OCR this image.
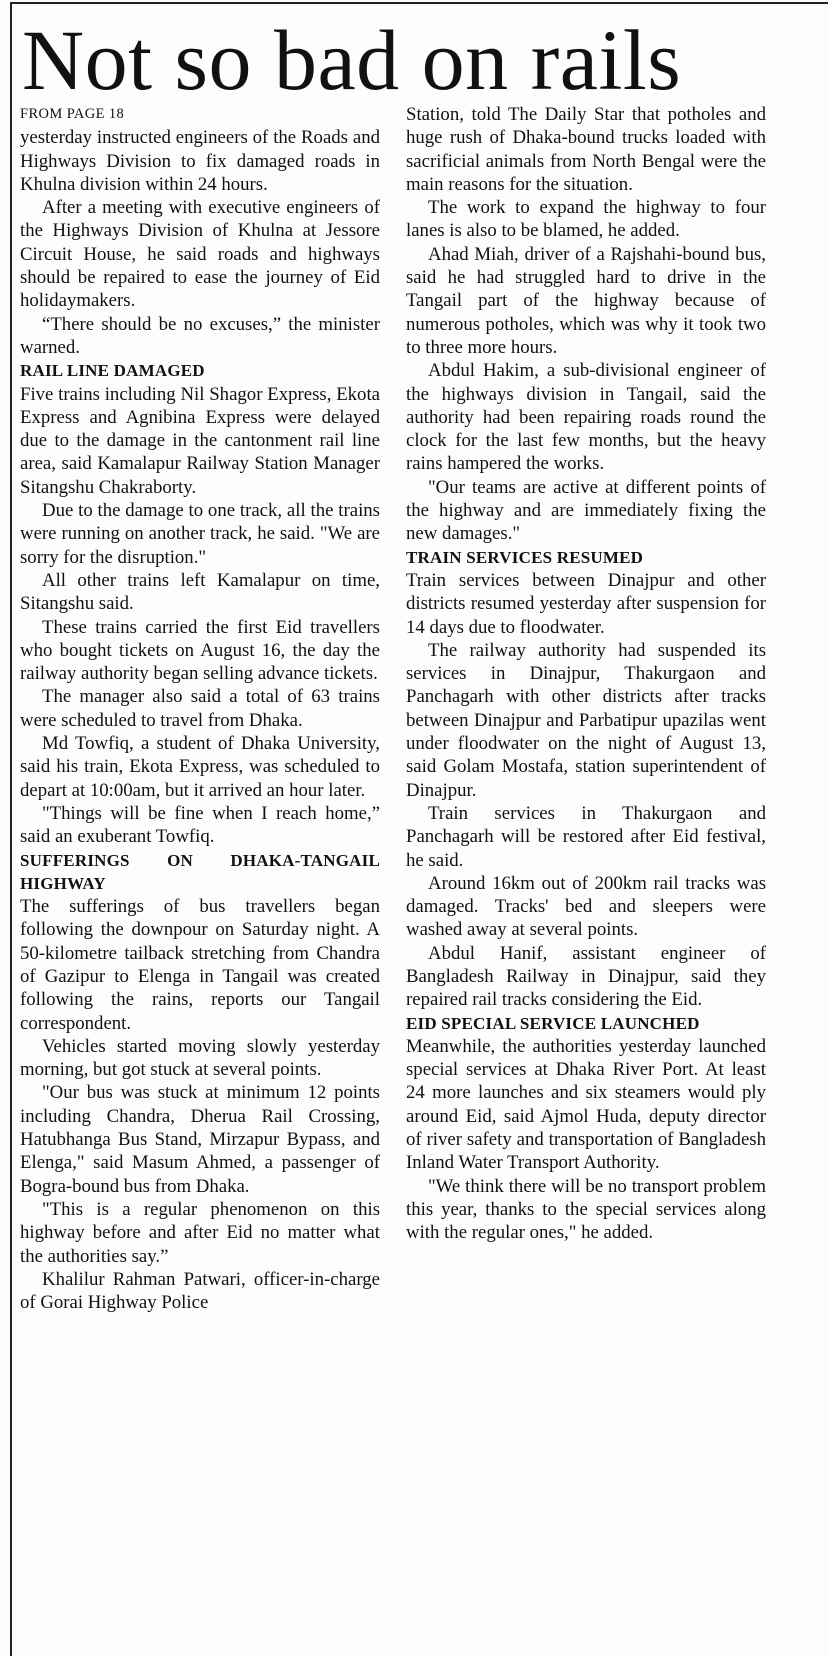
Not so bad on rails

FROM PAGE 18

yesterday instructed engineers of the Roads and Highways Division to fix damaged roads in Khulna division within 24 hours.

After a meeting with executive engineers of the Highways Division of Khulna at Jessore Circuit House, he said roads and highways should be repaired to ease the journey of Eid holidaymakers.

“There should be no excuses,” the minister warned.

RAIL LINE DAMAGED

Five trains including Nil Shagor Express, Ekota Express and Agnibina Express were delayed due to the damage in the cantonment rail line area, said Kamalapur Railway Station Manager Sitangshu Chakraborty.

Due to the damage to one track, all the trains were running on another track, he said. "We are sorry for the disruption."

All other trains left Kamalapur on time, Sitangshu said.

These trains carried the first Eid travellers who bought tickets on August 16, the day the railway authority began selling advance tickets.

The manager also said a total of 63 trains were scheduled to travel from Dhaka.

Md Towfiq, a student of Dhaka University, said his train, Ekota Express, was scheduled to depart at 10:00am, but it arrived an hour later.

"Things will be fine when I reach home,” said an exuberant Towfiq.

SUFFERINGS ON DHAKA-TANGAIL HIGHWAY

The sufferings of bus travellers began following the downpour on Saturday night. A 50-kilometre tailback stretching from Chandra of Gazipur to Elenga in Tangail was created following the rains, reports our Tangail correspondent.

Vehicles started moving slowly yesterday morning, but got stuck at several points.

"Our bus was stuck at minimum 12 points including Chandra, Dherua Rail Crossing, Hatubhanga Bus Stand, Mirzapur Bypass, and Elenga," said Masum Ahmed, a passenger of Bogra-bound bus from Dhaka.

"This is a regular phenomenon on this highway before and after Eid no matter what the authorities say.”

Khalilur Rahman Patwari, officer-in-charge of Gorai Highway Police

Station, told The Daily Star that potholes and huge rush of Dhaka-bound trucks loaded with sacrificial animals from North Bengal were the main reasons for the situation.

The work to expand the highway to four lanes is also to be blamed, he added.

Ahad Miah, driver of a Rajshahi-bound bus, said he had struggled hard to drive in the Tangail part of the highway because of numerous potholes, which was why it took two to three more hours.

Abdul Hakim, a sub-divisional engineer of the highways division in Tangail, said the authority had been repairing roads round the clock for the last few months, but the heavy rains hampered the works.

"Our teams are active at different points of the highway and are immediately fixing the new damages."

TRAIN SERVICES RESUMED

Train services between Dinajpur and other districts resumed yesterday after suspension for 14 days due to floodwater.

The railway authority had suspended its services in Dinajpur, Thakurgaon and Panchagarh with other districts after tracks between Dinajpur and Parbatipur upazilas went under floodwater on the night of August 13, said Golam Mostafa, station superintendent of Dinajpur.

Train services in Thakurgaon and Panchagarh will be restored after Eid festival, he said.

Around 16km out of 200km rail tracks was damaged. Tracks' bed and sleepers were washed away at several points.

Abdul Hanif, assistant engineer of Bangladesh Railway in Dinajpur, said they repaired rail tracks considering the Eid.

EID SPECIAL SERVICE LAUNCHED

Meanwhile, the authorities yesterday launched special services at Dhaka River Port. At least 24 more launches and six steamers would ply around Eid, said Ajmol Huda, deputy director of river safety and transportation of Bangladesh Inland Water Transport Authority.

"We think there will be no transport problem this year, thanks to the special services along with the regular ones," he added.
